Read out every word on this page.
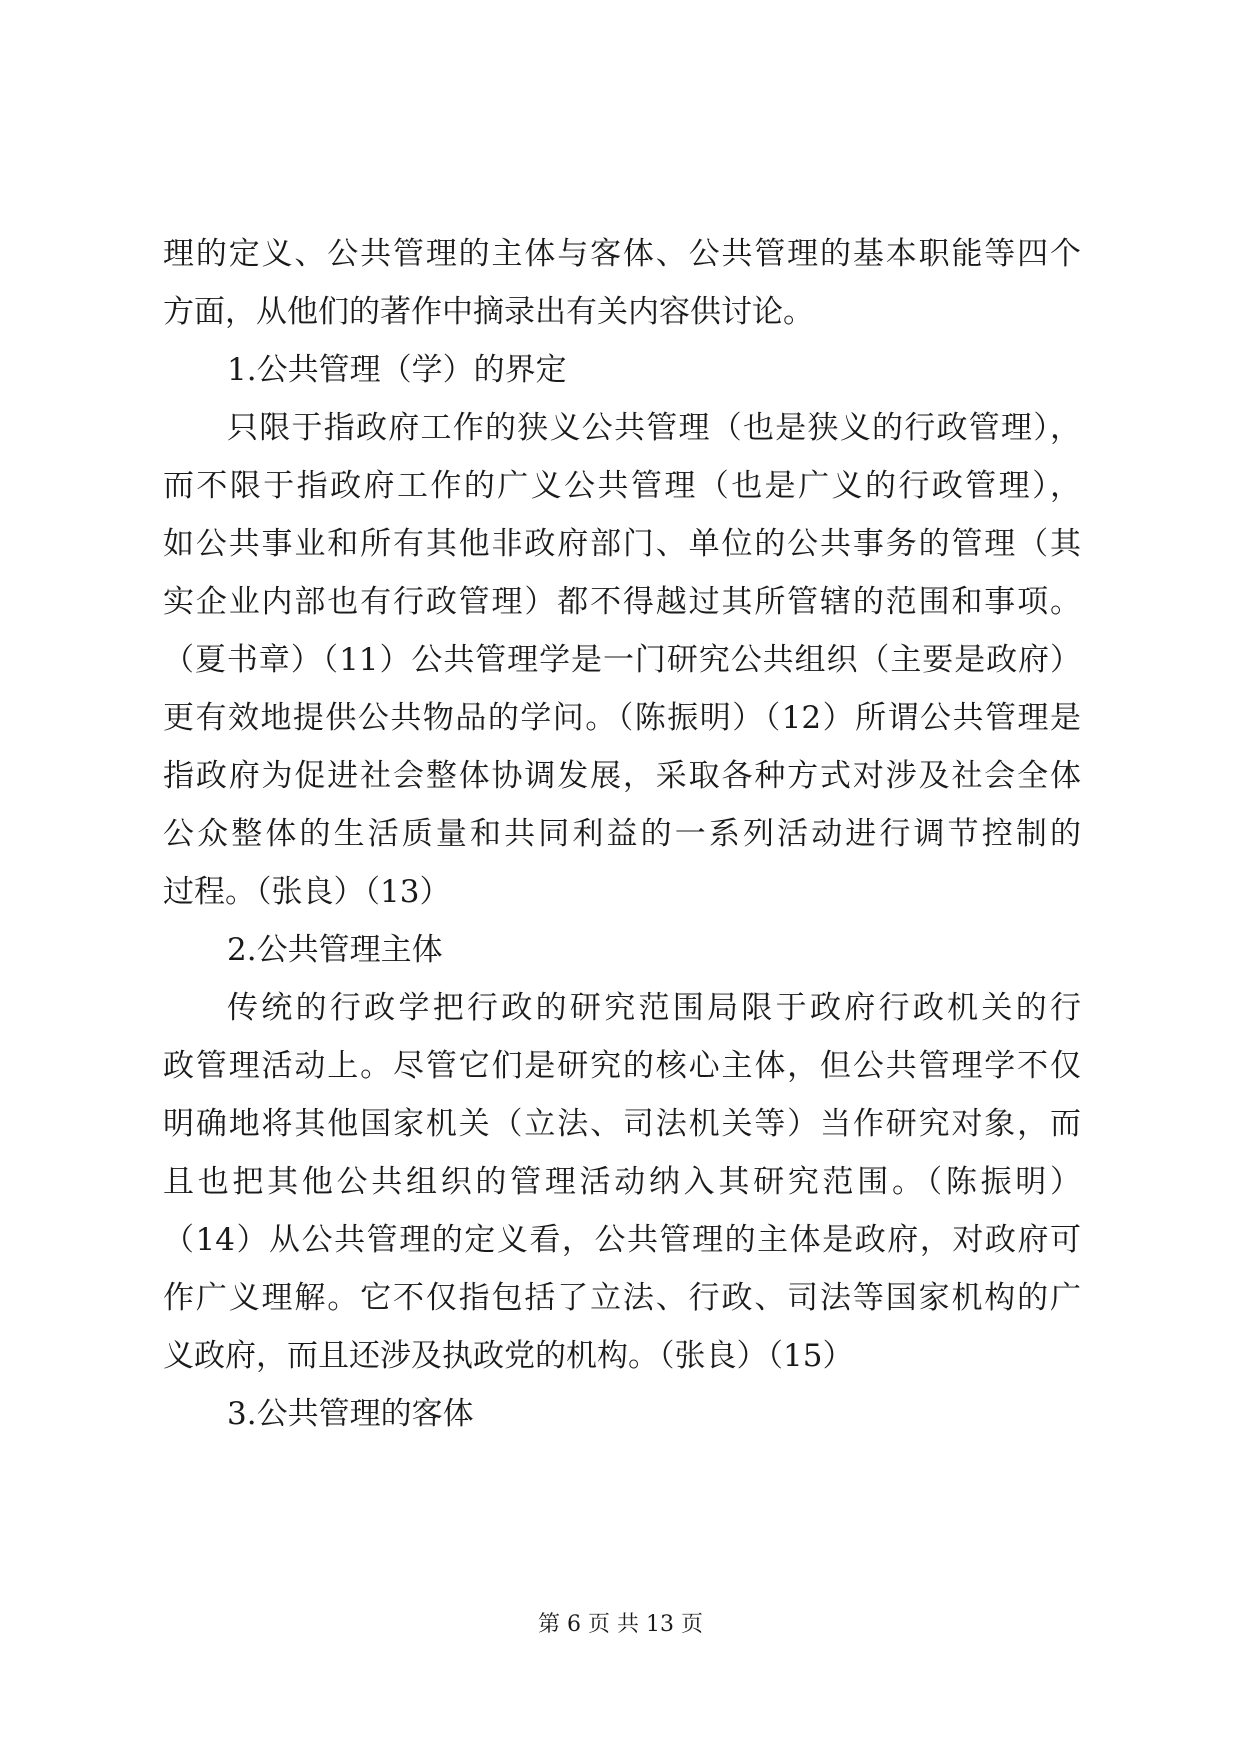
理的定义、公共管理的主体与客体、公共管理的基本职能等四个
方面，从他们的著作中摘录出有关内容供讨论。
1.公共管理（学）的界定
只限于指政府工作的狭义公共管理（也是狭义的行政管理），
而不限于指政府工作的广义公共管理（也是广义的行政管理），
如公共事业和所有其他非政府部门、单位的公共事务的管理（其
实企业内部也有行政管理）都不得越过其所管辖的范围和事项。
（夏书章）（11）公共管理学是一门研究公共组织（主要是政府）
更有效地提供公共物品的学问。（陈振明）（12）所谓公共管理是
指政府为促进社会整体协调发展，采取各种方式对涉及社会全体
公众整体的生活质量和共同利益的一系列活动进行调节控制的
过程。（张良）（13）
2.公共管理主体
传统的行政学把行政的研究范围局限于政府行政机关的行
政管理活动上。尽管它们是研究的核心主体，但公共管理学不仅
明确地将其他国家机关（立法、司法机关等）当作研究对象，而
且也把其他公共组织的管理活动纳入其研究范围。（陈振明）
（14）从公共管理的定义看，公共管理的主体是政府，对政府可
作广义理解。它不仅指包括了立法、行政、司法等国家机构的广
义政府，而且还涉及执政党的机构。（张良）（15）
3.公共管理的客体
第 6 页 共 13 页
